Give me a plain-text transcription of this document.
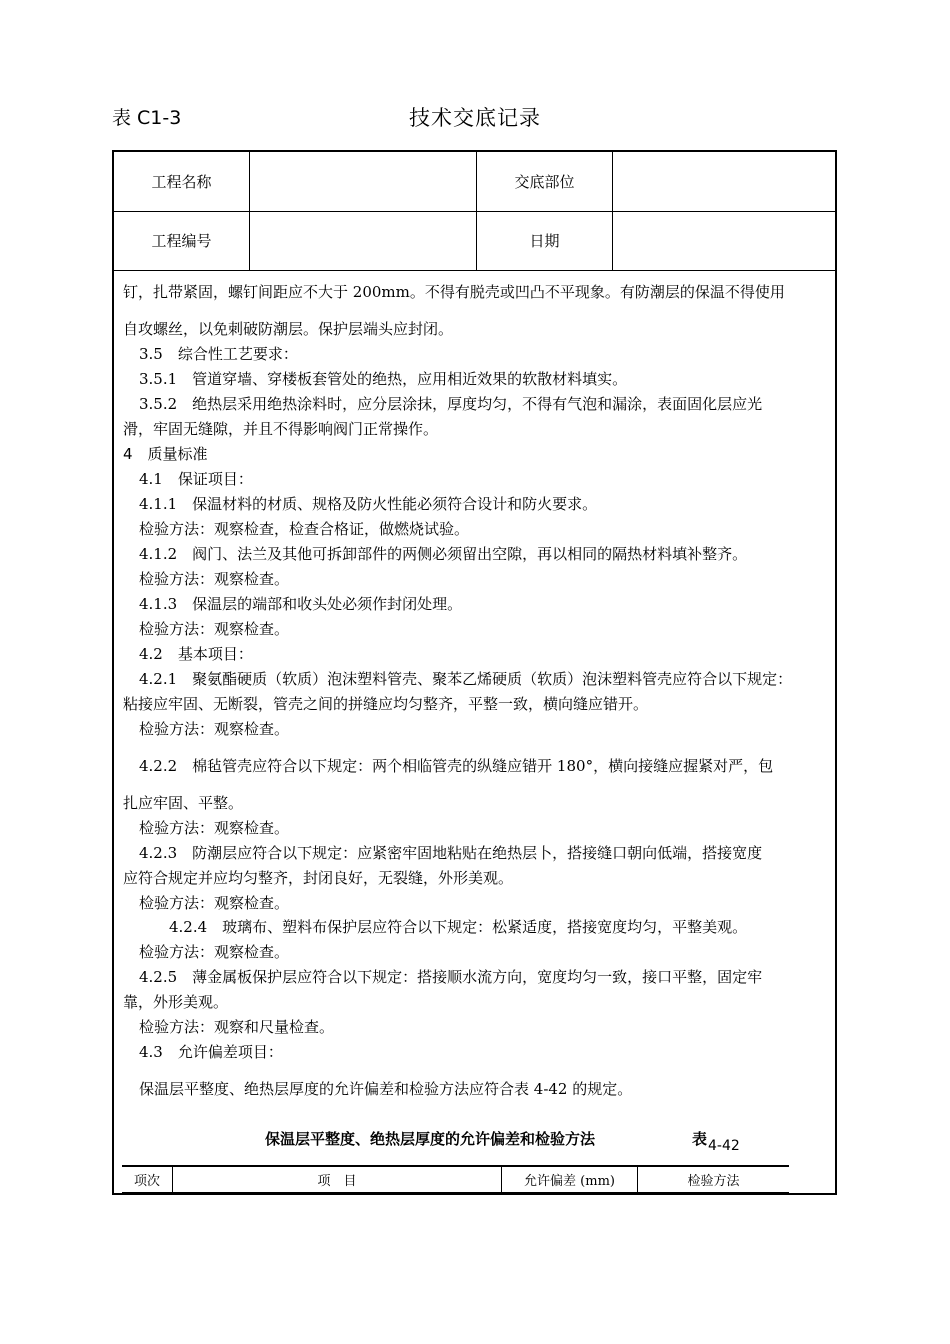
表 C1-3	技术交底记录
工程名称	交底部位
工程编号	日期
钉，扎带紧固，螺钉间距应不大于 200mm。不得有脱壳或凹凸不平现象。有防潮层的保温不得使用
自攻螺丝，以免刺破防潮层。保护层端头应封闭。
3.5　综合性工艺要求：
3.5.1　管道穿墙、穿楼板套管处的绝热，应用相近效果的软散材料填实。
3.5.2　绝热层采用绝热涂料时，应分层涂抹，厚度均匀，不得有气泡和漏涂，表面固化层应光
滑，牢固无缝隙，并且不得影响阀门正常操作。
4　质量标准
4.1　保证项目：
4.1.1　保温材料的材质、规格及防火性能必须符合设计和防火要求。
检验方法：观察检查，检查合格证，做燃烧试验。
4.1.2　阀门、法兰及其他可拆卸部件的两侧必须留出空隙，再以相同的隔热材料填补整齐。
检验方法：观察检查。
4.1.3　保温层的端部和收头处必须作封闭处理。
检验方法：观察检查。
4.2　基本项目：
4.2.1　聚氨酯硬质（软质）泡沫塑料管壳、聚苯乙烯硬质（软质）泡沫塑料管壳应符合以下规定：
粘接应牢固、无断裂，管壳之间的拼缝应均匀整齐，平整一致，横向缝应错开。
检验方法：观察检查。
4.2.2　棉毡管壳应符合以下规定：两个相临管壳的纵缝应错开 180°，横向接缝应握紧对严，包
扎应牢固、平整。
检验方法：观察检查。
4.2.3　防潮层应符合以下规定：应紧密牢固地粘贴在绝热层卜，搭接缝口朝向低端，搭接宽度
应符合规定并应均匀整齐，封闭良好，无裂缝，外形美观。
检验方法：观察检查。
4.2.4　玻璃布、塑料布保护层应符合以下规定：松紧适度，搭接宽度均匀，平整美观。
检验方法：观察检查。
4.2.5　薄金属板保护层应符合以下规定：搭接顺水流方向，宽度均匀一致，接口平整，固定牢
靠，外形美观。
检验方法：观察和尺量检查。
4.3　允许偏差项目：
保温层平整度、绝热层厚度的允许偏差和检验方法应符合表 4-42 的规定。
保温层平整度、绝热层厚度的允许偏差和检验方法	表4-42
项次	项　目	允许偏差 (mm)	检验方法
